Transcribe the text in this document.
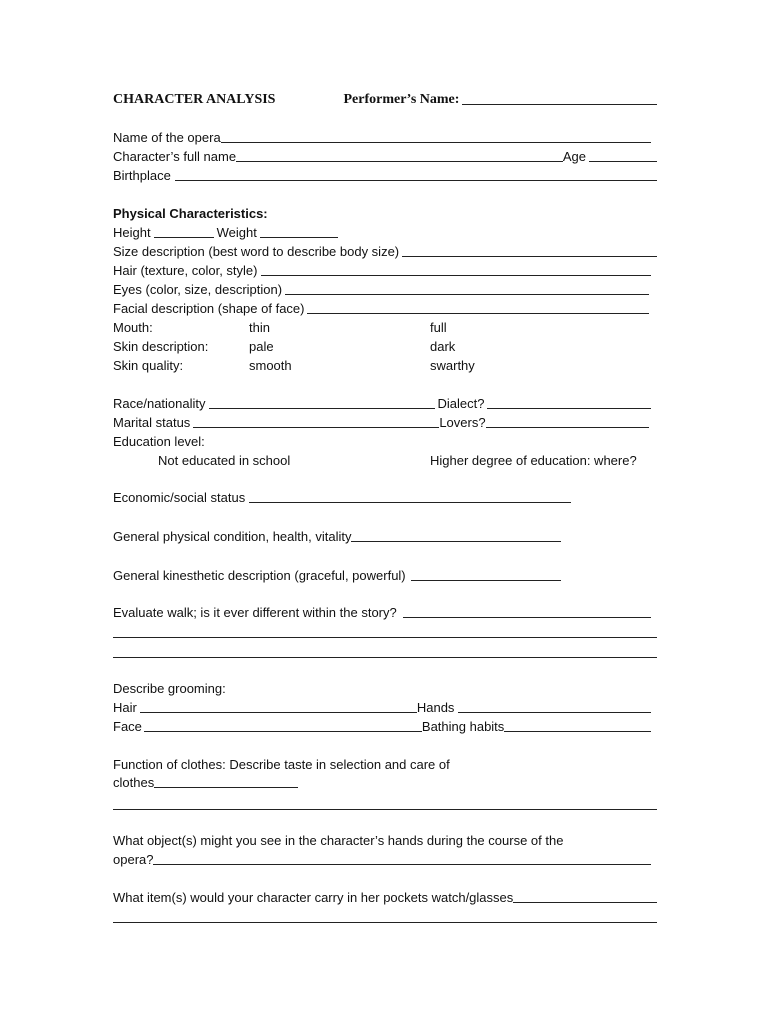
CHARACTER ANALYSIS	Performer’s Name:
Name of the opera
Character’s full name	Age
Birthplace
Physical Characteristics:
Height	Weight
Size description (best word to describe body size)
Hair (texture, color, style)
Eyes (color, size, description)
Facial description (shape of face)
Mouth:	thin	full
Skin description:	pale	dark
Skin quality:	smooth	swarthy
Race/nationality	Dialect?
Marital status	Lovers?
Education level:
Not educated in school	Higher degree of education: where?
Economic/social status
General physical condition, health, vitality
General kinesthetic description (graceful, powerful)
Evaluate walk; is it ever different within the story?
Describe grooming:
Hair	Hands
Face	Bathing habits
Function of clothes: Describe taste in selection and care of
clothes
What object(s) might you see in the character’s hands during the course of the
opera?
What item(s) would your character carry in her pockets watch/glasses
